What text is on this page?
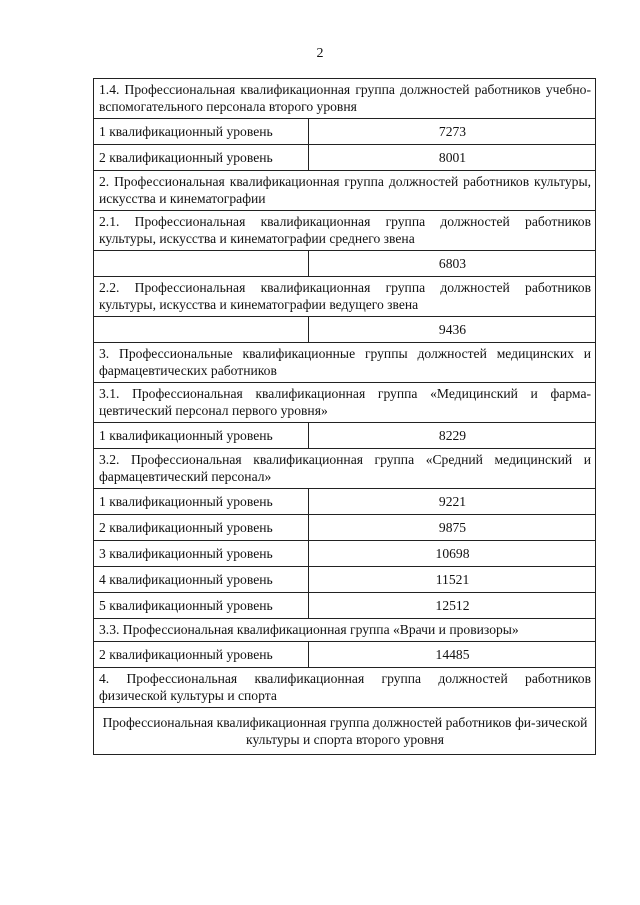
2
1.4. Профессиональная квалификационная группа должностей работников учебно-вспомогательного персонала второго уровня	
1 квалификационный уровень	7273
2 квалификационный уровень	8001
2. Профессиональная квалификационная группа должностей работников культуры, искусства и кинематографии	
2.1. Профессиональная квалификационная группа должностей работников культуры, искусства и кинематографии среднего звена	
	6803
2.2. Профессиональная квалификационная группа должностей работников культуры, искусства и кинематографии ведущего звена	
	9436
3. Профессиональные квалификационные группы должностей медицинских и фармацевтических работников	
3.1. Профессиональная квалификационная группа «Медицинский и фарма-цевтический персонал первого уровня»	
1 квалификационный уровень	8229
3.2. Профессиональная квалификационная группа «Средний медицинский и фармацевтический персонал»	
1 квалификационный уровень	9221
2 квалификационный уровень	9875
3 квалификационный уровень	10698
4 квалификационный уровень	11521
5 квалификационный уровень	12512
3.3. Профессиональная квалификационная группа «Врачи и провизоры»	
2 квалификационный уровень	14485
4. Профессиональная квалификационная группа должностей работников физической культуры и спорта	
Профессиональная квалификационная группа должностей работников фи-зической культуры и спорта второго уровня	
